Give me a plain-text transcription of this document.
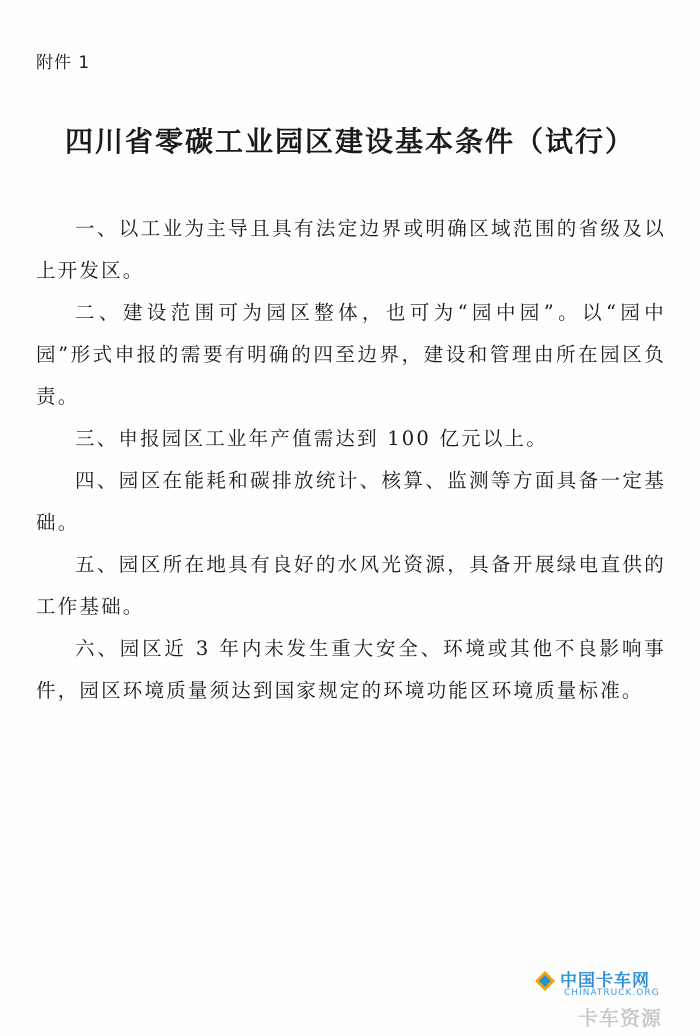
附件 1
四川省零碳工业园区建设基本条件（试行）

一、以工业为主导且具有法定边界或明确区域范围的省级及以上开发区。

二、建设范围可为园区整体，也可为“园中园”。以“园中园”形式申报的需要有明确的四至边界，建设和管理由所在园区负责。

三、申报园区工业年产值需达到 100 亿元以上。

四、园区在能耗和碳排放统计、核算、监测等方面具备一定基础。

五、园区所在地具有良好的水风光资源，具备开展绿电直供的工作基础。

六、园区近 3 年内未发生重大安全、环境或其他不良影响事件，园区环境质量须达到国家规定的环境功能区环境质量标准。

中国卡车网
CHINATRUCK.ORG
卡车资源
